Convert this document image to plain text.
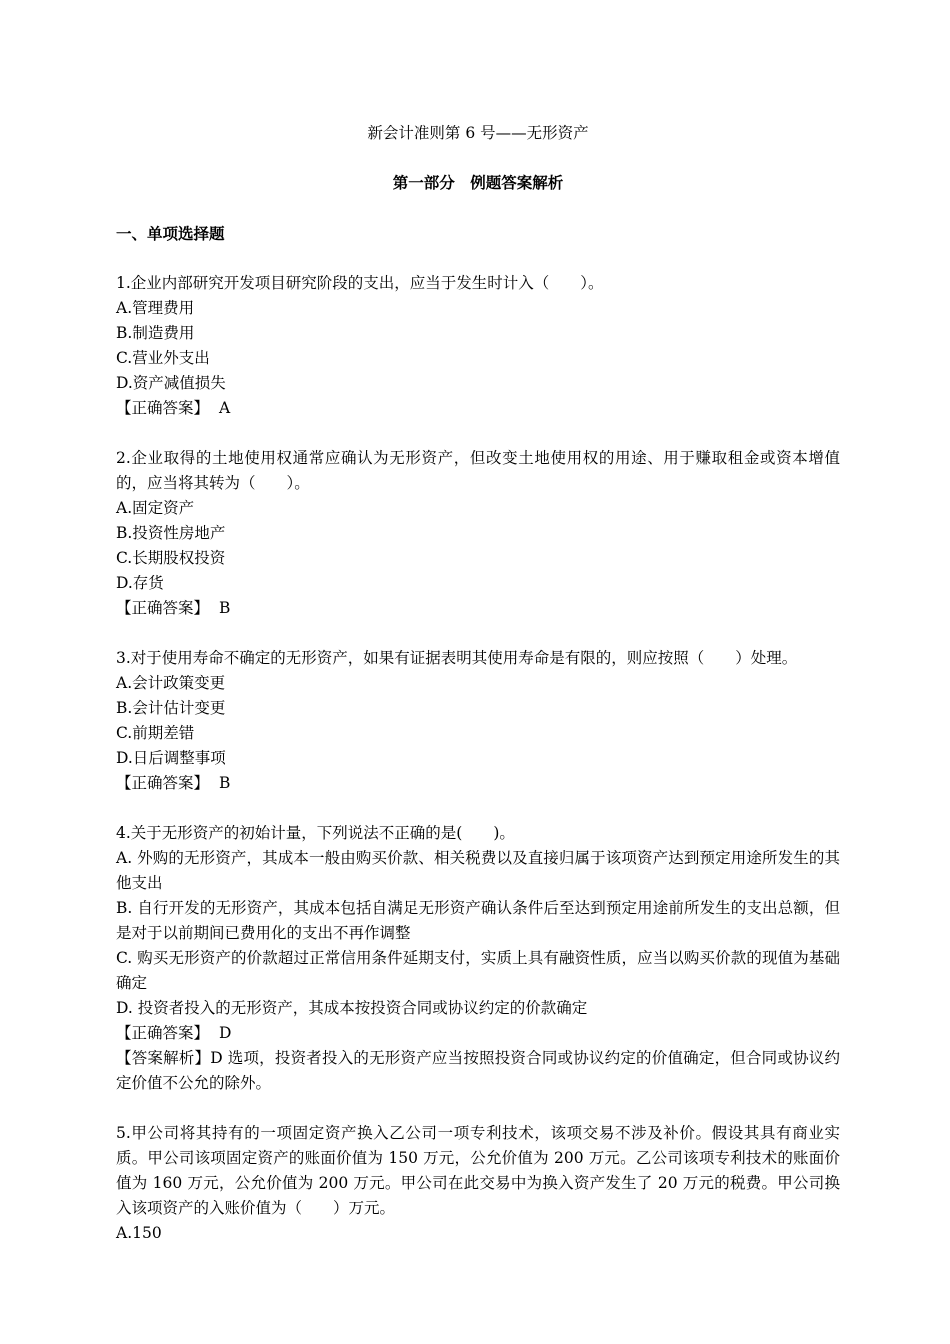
新会计准则第 6 号——无形资产
第一部分　例题答案解析
一、单项选择题
1.企业内部研究开发项目研究阶段的支出，应当于发生时计入（　　）。
A.管理费用
B.制造费用
C.营业外支出
D.资产减值损失
【正确答案】 A
2.企业取得的土地使用权通常应确认为无形资产，但改变土地使用权的用途、用于赚取租金或资本增值的，应当将其转为（　　）。
A.固定资产
B.投资性房地产
C.长期股权投资
D.存货
【正确答案】 B
3.对于使用寿命不确定的无形资产，如果有证据表明其使用寿命是有限的，则应按照（　　）处理。
A.会计政策变更
B.会计估计变更
C.前期差错
D.日后调整事项
【正确答案】 B
4.关于无形资产的初始计量，下列说法不正确的是(　　)。
A. 外购的无形资产，其成本一般由购买价款、相关税费以及直接归属于该项资产达到预定用途所发生的其他支出
B. 自行开发的无形资产，其成本包括自满足无形资产确认条件后至达到预定用途前所发生的支出总额，但是对于以前期间已费用化的支出不再作调整
C. 购买无形资产的价款超过正常信用条件延期支付，实质上具有融资性质，应当以购买价款的现值为基础确定
D. 投资者投入的无形资产，其成本按投资合同或协议约定的价款确定
【正确答案】 D
【答案解析】D 选项，投资者投入的无形资产应当按照投资合同或协议约定的价值确定，但合同或协议约定价值不公允的除外。
5.甲公司将其持有的一项固定资产换入乙公司一项专利技术，该项交易不涉及补价。假设其具有商业实质。甲公司该项固定资产的账面价值为 150 万元，公允价值为 200 万元。乙公司该项专利技术的账面价值为 160 万元，公允价值为 200 万元。甲公司在此交易中为换入资产发生了 20 万元的税费。甲公司换入该项资产的入账价值为（　　）万元。
A.150
